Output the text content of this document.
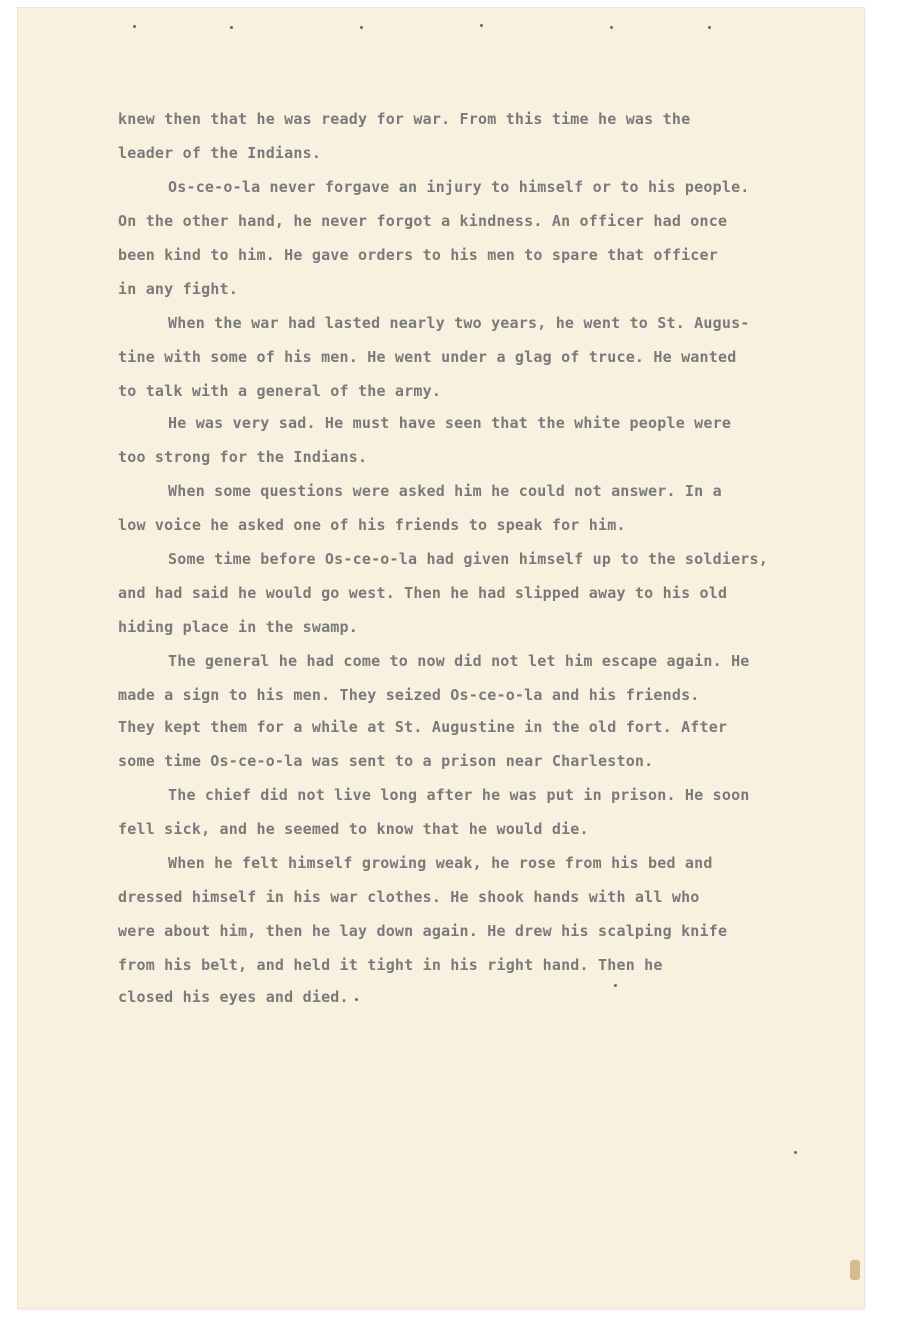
knew then that he was ready for war. From this time he was the
leader of the Indians.
Os-ce-o-la never forgave an injury to himself or to his people.
On the other hand, he never forgot a kindness. An officer had once
been kind to him. He gave orders to his men to spare that officer
in any fight.
When the war had lasted nearly two years, he went to St. Augus-
tine with some of his men. He went under a glag of truce. He wanted
to talk with a general of the army.
He was very sad. He must have seen that the white people were
too strong for the Indians.
When some questions were asked him he could not answer. In a
low voice he asked one of his friends to speak for him.
Some time before Os-ce-o-la had given himself up to the soldiers,
and had said he would go west. Then he had slipped away to his old
hiding place in the swamp.
The general he had come to now did not let him escape again. He
made a sign to his men. They seized Os-ce-o-la and his friends.
They kept them for a while at St. Augustine in the old fort. After
some time Os-ce-o-la was sent to a prison near Charleston.
The chief did not live long after he was put in prison. He soon
fell sick, and he seemed to know that he would die.
When he felt himself growing weak, he rose from his bed and
dressed himself in his war clothes. He shook hands with all who
were about him, then he lay down again. He drew his scalping knife
from his belt, and held it tight in his right hand. Then he
closed his eyes and died.
